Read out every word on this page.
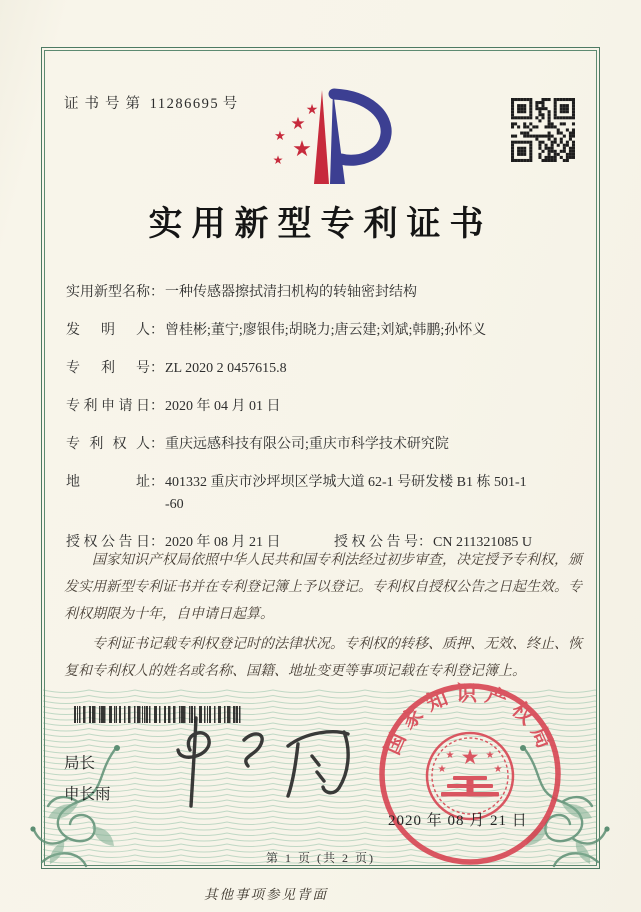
证书号第 11286695 号	★
★
★
★
★
实用新型专利证书
实用新型名称 ： 一种传感器擦拭清扫机构的转轴密封结构
发明人 ： 曾桂彬;董宁;廖银伟;胡晓力;唐云建;刘斌;韩鹏;孙怀义
专利号 ： ZL 2020 2 0457615.8
专利申请日 ： 2020 年 04 月 01 日
专利权人 ： 重庆远感科技有限公司;重庆市科学技术研究院
地址 ： 401332 重庆市沙坪坝区学城大道 62-1 号研发楼 B1 栋 501-1
-60
授权公告日 ： 2020 年 08 月 21 日	授权公告号 ： CN 211321085 U

国家知识产权局依照中华人民共和国专利法经过初步审查，决定授予专利权，颁发实用新型专利证书并在专利登记簿上予以登记。专利权自授权公告之日起生效。专利权期限为十年，自申请日起算。

专利证书记载专利权登记时的法律状况。专利权的转移、质押、无效、终止、恢复和专利权人的姓名或名称、国籍、地址变更等事项记载在专利登记簿上。

局长
申长雨
国家知识产权局
★
★	★
★	★
2020 年 08 月 21 日
第 1 页 (共 2 页)
其他事项参见背面
